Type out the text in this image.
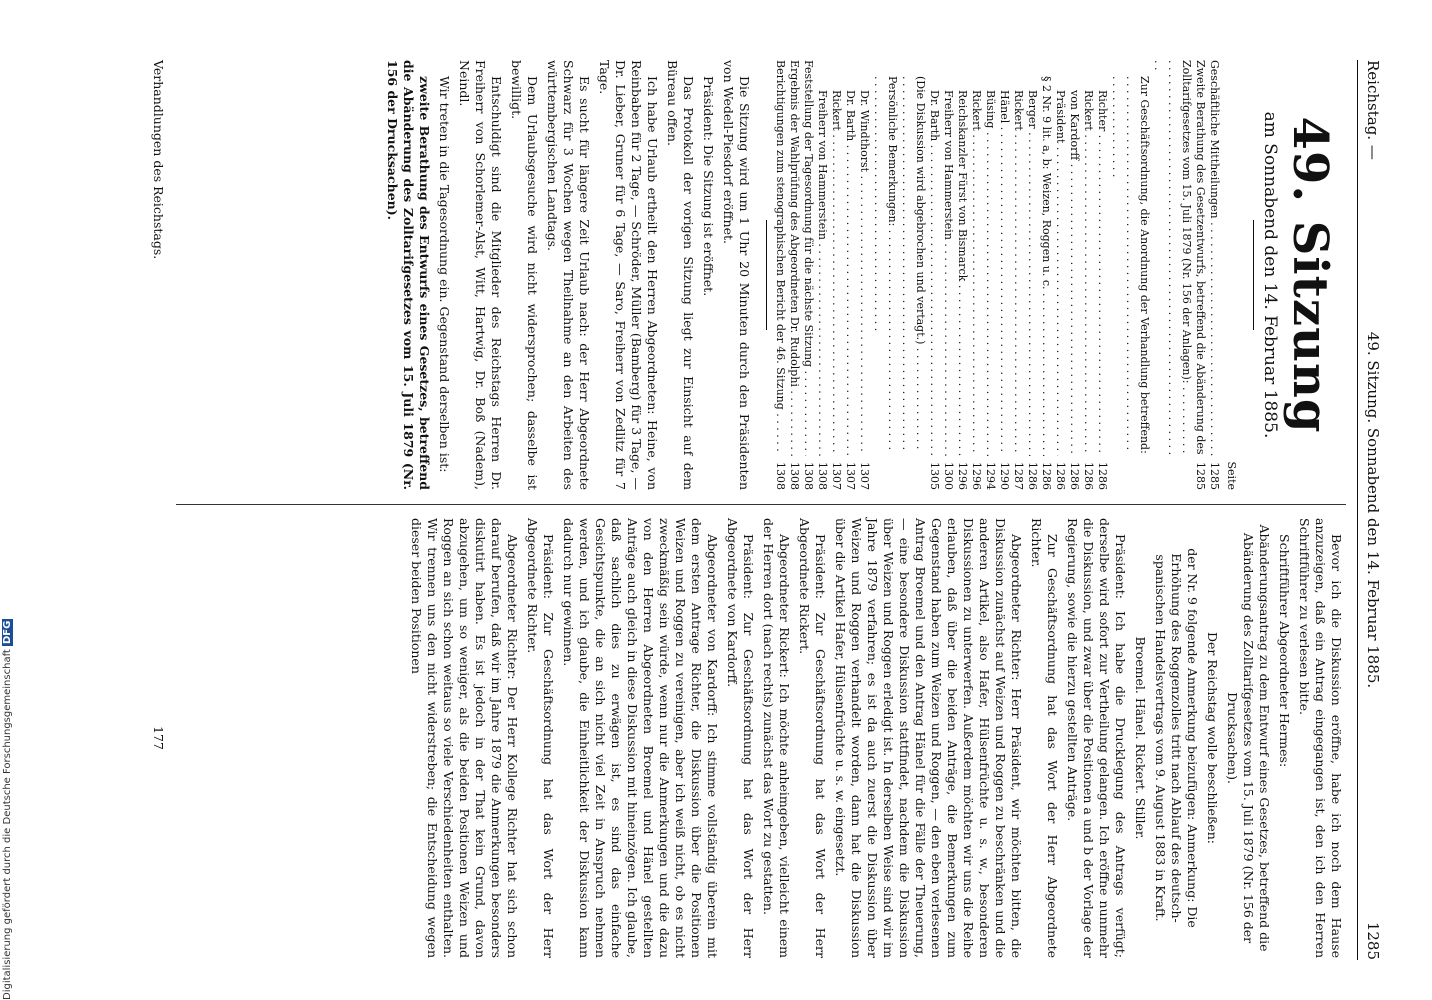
Reichstag. —
49. Sitzung. Sonnabend den 14. Februar 1885.
1285
49. Sitzung
am Sonnabend den 14. Februar 1885.
Seite
Geschäftliche Mittheilungen . . .
1285
Zweite Berathung des Gesetzentwurfs, betreffend die Abänderung des Zolltarifgesetzes vom 15. Juli 1879 (Nr. 156 der Anlagen): . . .
1285
Zur Geschäftsordnung, die Anordnung der Verhandlung betreffend: . . .
Richter . . .
1286
Rickert . . .
1286
von Kardorff . . .
1286
Präsident . . .
1286
§ 2 Nr. 9 lit. a, b: Weizen, Roggen u. c. . . .
1286
Berger . . .
1286
Rickert . . .
1287
Hänel . . .
1290
Büsing . . .
1294
Rickert . . .
1296
Reichskanzler Fürst von Bismarck . . .
1296
Freiherr von Hammerstein . . .
1300
Dr. Barth . . .
1305
(Die Diskussion wird abgebrochen und vertagt.) . . .
Persönliche Bemerkungen: . . .
Dr. Windthorst . . .
1307
Dr. Barth . . .
1307
Rickert . . .
1307
Freiherr von Hammerstein . . .
1308
Feststellung der Tagesordnung für die nächste Sitzung . . .
1308
Ergebnis der Wahlprüfung des Abgeordneten Dr. Rudolphi . . .
1308
Berichtigungen zum stenographischen Bericht der 46. Sitzung . . .
1308

Die Sitzung wird um 1 Uhr 20 Minuten durch den Präsidenten von Wedell-Piesdorf eröffnet.

Präsident: Die Sitzung ist eröffnet.

Das Protokoll der vorigen Sitzung liegt zur Einsicht auf dem Büreau offen.

Ich habe Urlaub ertheilt den Herren Abgeordneten: Heine, von Reinbaben für 2 Tage, — Schröder, Müller (Bamberg) für 3 Tage, — Dr. Lieber, Gruner für 6 Tage, — Saro, Freiherr von Zedlitz für 7 Tage.

Es sucht für längere Zeit Urlaub nach: der Herr Abgeordnete Schwarz für 3 Wochen wegen Theilnahme an den Arbeiten des württembergischen Landtags.

Dem Urlaubsgesuche wird nicht widersprochen; dasselbe ist bewilligt.

Entschuldigt sind die Mitglieder des Reichstags Herren Dr. Freiherr von Schorlemer-Alst, Witt, Hartwig, Dr. Boß (Nadem), Neindl.

Wir treten in die Tagesordnung ein. Gegenstand derselben ist:

zweite Berathung des Entwurfs eines Gesetzes, betreffend die Abänderung des Zolltarifgesetzes vom 15. Juli 1879 (Nr. 156 der Drucksachen).

Bevor ich die Diskussion eröffne, habe ich noch dem Hause anzuzeigen, daß ein Antrag eingegangen ist, den ich den Herren Schriftführer zu verlesen bitte.

Schriftführer Abgeordneter Hermes:

Abänderungsantrag zu dem Entwurf eines Gesetzes, betreffend die Abänderung des Zolltarifgesetzes vom 15. Juli 1879 (Nr. 156 der Drucksachen).

Der Reichstag wolle beschließen:

der Nr. 9 folgende Anmerkung beizufügen: Anmerkung: Die Erhöhung des Roggenzolles tritt nach Ablauf des deutsch-spanischen Handelsvertrags vom 9. August 1883 in Kraft.

Broemel. Hänel. Rickert. Stiller.

Präsident: Ich habe die Drucklegung des Antrags verfügt; derselbe wird sofort zur Vertheilung gelangen. Ich eröffne nunmehr die Diskussion, und zwar über die Positionen a und b der Vorlage der Regierung, sowie die hierzu gestellten Anträge.

Zur Geschäftsordnung hat das Wort der Herr Abgeordnete Richter.

Abgeordneter Richter: Herr Präsident, wir möchten bitten, die Diskussion zunächst auf Weizen und Roggen zu beschränken und die anderen Artikel, also Hafer, Hülsenfrüchte u. s. w., besonderen Diskussionen zu unterwerfen. Außerdem möchten wir uns die Reihe erlauben, daß über die beiden Anträge, die Bemerkungen zum Gegenstand haben zum Weizen und Roggen, — den eben verlesenen Antrag Broemel und den Antrag Hänel für die Fälle der Theuerung, — eine besondere Diskussion stattfindet, nachdem die Diskussion über Weizen und Roggen erledigt ist. In derselben Weise sind wir im Jahre 1879 verfahren; es ist da auch zuerst die Diskussion über Weizen und Roggen verhandelt worden, dann hat die Diskussion über die Artikel Hafer, Hülsenfrüchte u. s. w. eingesetzt.

Präsident: Zur Geschäftsordnung hat das Wort der Herr Abgeordnete Rickert.

Abgeordneter Rickert: Ich möchte anheimgeben, vielleicht einem der Herren dort (nach rechts) zunächst das Wort zu gestatten.

Präsident: Zur Geschäftsordnung hat das Wort der Herr Abgeordnete von Kardorff.

Abgeordneter von Kardorff: Ich stimme vollständig überein mit dem ersten Antrage Richter, die Diskussion über die Positionen Weizen und Roggen zu vereinigen, aber ich weiß nicht, ob es nicht zweckmäßig sein würde, wenn nur die Anmerkungen und die dazu von den Herren Abgeordneten Broemel und Hänel gestellten Anträge auch gleich in diese Diskussion mit hineinzögen. Ich glaube, daß sachlich dies zu erwägen ist, es sind das einfache Gesichtspunkte, die an sich nicht viel Zeit in Anspruch nehmen werden, und ich glaube, die Einheitlichkeit der Diskussion kann dadurch nur gewinnen.

Präsident: Zur Geschäftsordnung hat das Wort der Herr Abgeordnete Richter.

Abgeordneter Richter: Der Herr Kollege Richter hat sich schon darauf berufen, daß wir im Jahre 1879 die Anmerkungen besonders diskutirt haben. Es ist jedoch in der That kein Grund, davon abzugehen, um so weniger, als die beiden Positionen Weizen und Roggen an sich schon weitaus so viele Verschiedenheiten enthalten. Wir trennen uns den nicht widerstreben; die Entscheidung wegen dieser beiden Positionen

Verhandlungen des Reichstags.
177
Digitalisierung gefördert durch die Deutsche Forschungsgemeinschaft DFG
